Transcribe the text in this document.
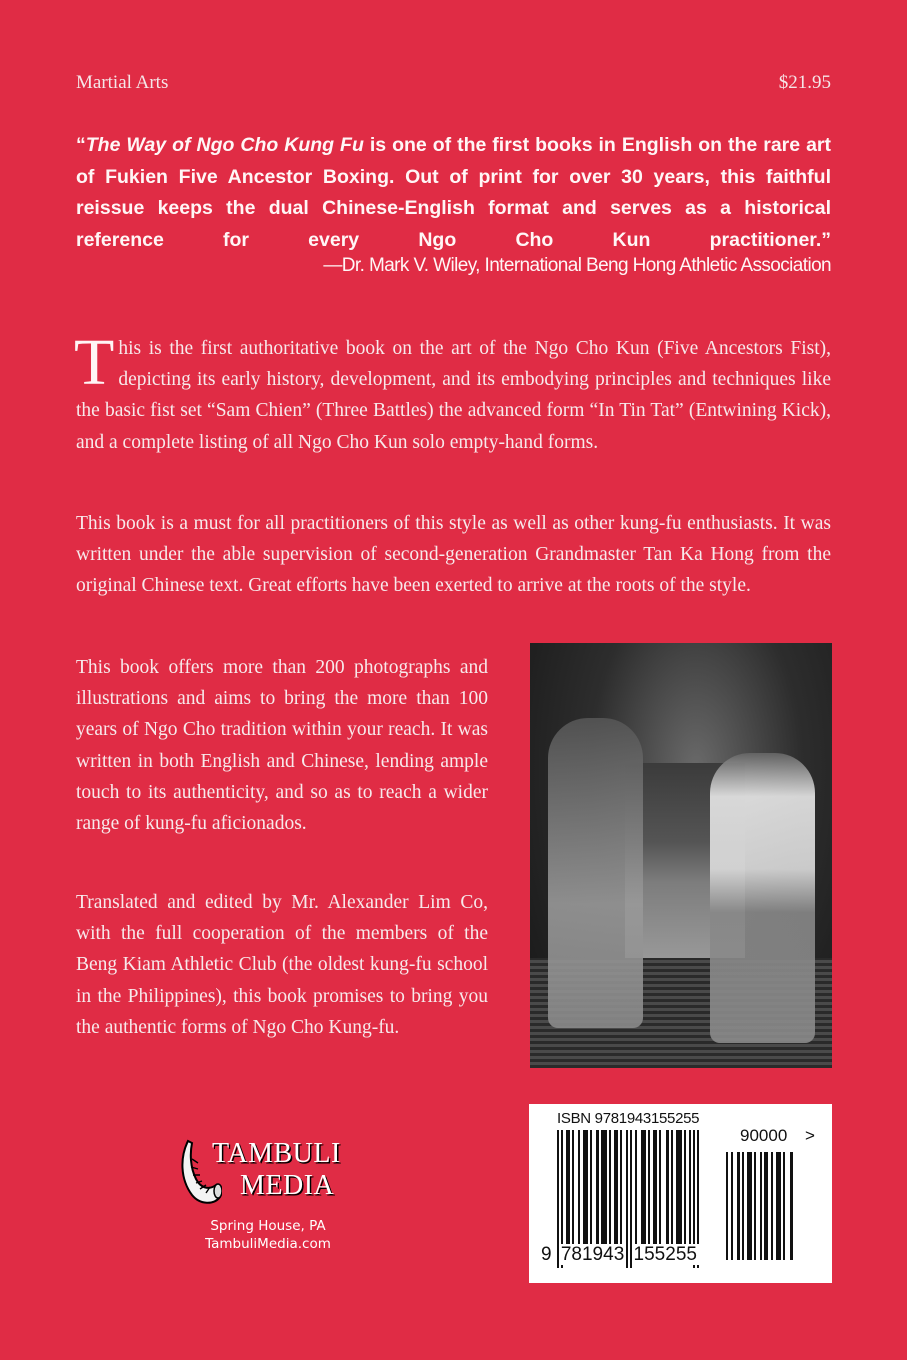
Martial Arts	$21.95
“The Way of Ngo Cho Kung Fu is one of the first books in English on the rare art of Fukien Five Ancestor Boxing. Out of print for over 30 years, this faithful reissue keeps the dual Chinese-English format and serves as a historical reference for every Ngo Cho Kun practitioner.”
—Dr. Mark V. Wiley, International Beng Hong Athletic Association

This is the first authoritative book on the art of the Ngo Cho Kun (Five Ancestors Fist), depicting its early history, development, and its embodying principles and techniques like the basic fist set “Sam Chien” (Three Battles) the advanced form “In Tin Tat” (Entwining Kick), and a complete listing of all Ngo Cho Kun solo empty-hand forms.

This book is a must for all practitioners of this style as well as other kung-fu enthusiasts. It was written under the able supervision of second-generation Grandmaster Tan Ka Hong from the original Chinese text. Great efforts have been exerted to arrive at the roots of the style.

This book offers more than 200 photographs and illustrations and aims to bring the more than 100 years of Ngo Cho tradition within your reach. It was written in both English and Chinese, lending ample touch to its authenticity, and so as to reach a wider range of kung-fu aficionados.

Translated and edited by Mr. Alexander Lim Co, with the full cooperation of the members of the Beng Kiam Athletic Club (the oldest kung-fu school in the Philippines), this book promises to bring you the authentic forms of Ngo Cho Kung-fu.

TAMBULI
MEDIA
Spring House, PA
TambuliMedia.com
ISBN 9781943155255
90000 >
9 781943 155255
